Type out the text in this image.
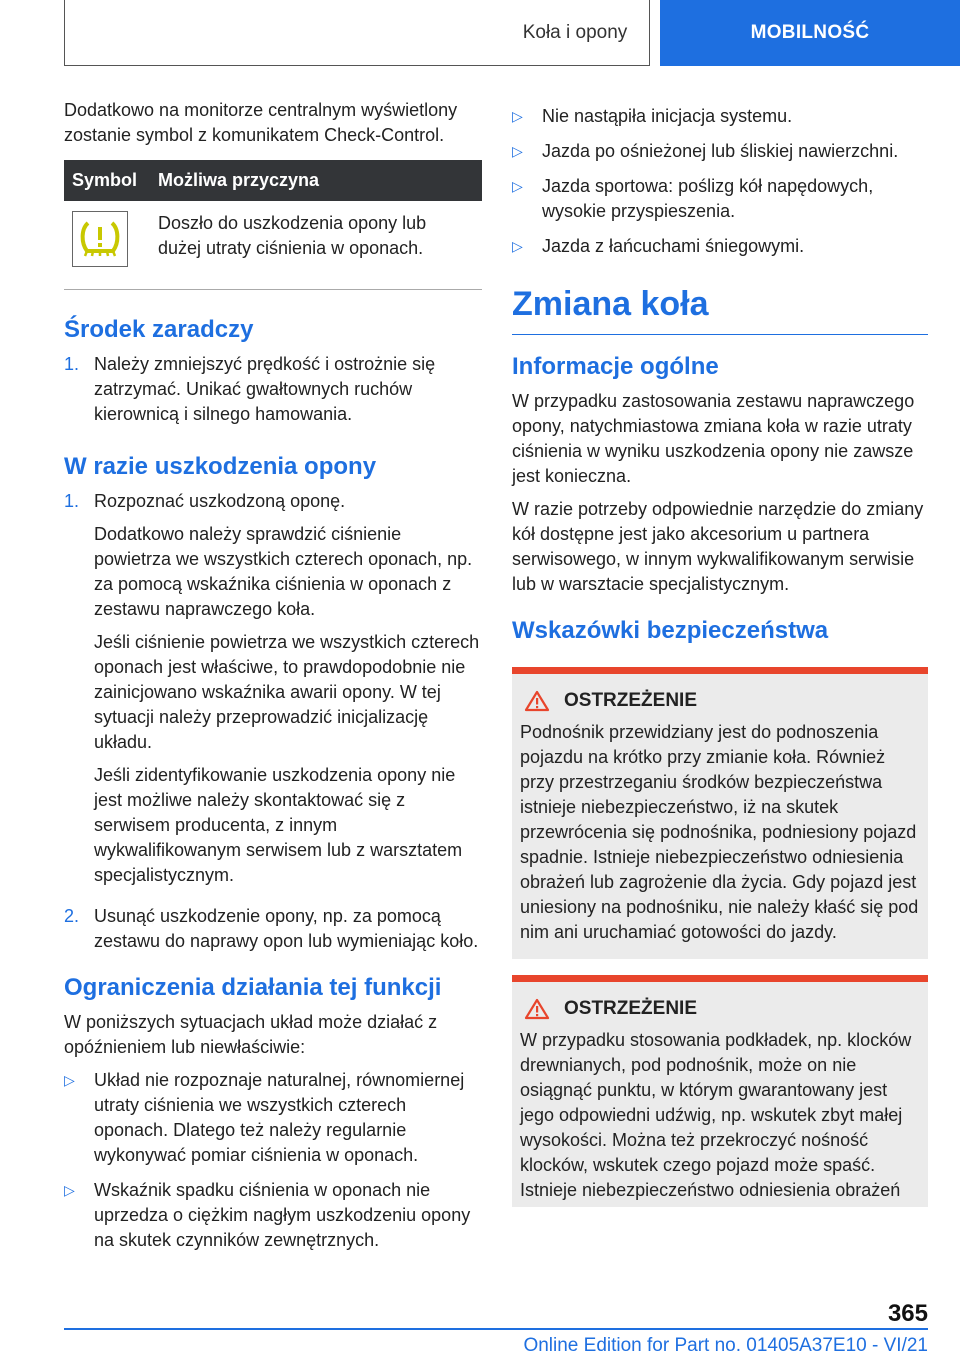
Koła i opony	MOBILNOŚĆ

Dodatkowo na monitorze centralnym wyświetlony zostanie symbol z komunikatem Check-Control.

Symbol	Możliwa przyczyna

	Doszło do uszkodzenia opony lub dużej utraty ciśnienia w oponach.
Środek zaradczy
1. Należy zmniejszyć prędkość i ostrożnie się zatrzymać. Unikać gwałtownych ruchów kierownicą i silnego hamowania.

W razie uszkodzenia opony
1. Rozpoznać uszkodzoną oponę.

Dodatkowo należy sprawdzić ciśnienie powietrza we wszystkich czterech oponach, np. za pomocą wskaźnika ciśnienia w oponach z zestawu naprawczego koła.

Jeśli ciśnienie powietrza we wszystkich czterech oponach jest właściwe, to prawdopodobnie nie zainicjowano wskaźnika awarii opony. W tej sytuacji należy przeprowadzić inicjalizację układu.

Jeśli zidentyfikowanie uszkodzenia opony nie jest możliwe należy skontaktować się z serwisem producenta, z innym wykwalifikowanym serwisem lub z warsztatem specjalistycznym.

2. Usunąć uszkodzenie opony, np. za pomocą zestawu do naprawy opon lub wymieniając koło.

Ograniczenia działania tej funkcji

W poniższych sytuacjach układ może działać z opóźnieniem lub niewłaściwie:

▷	Układ nie rozpoznaje naturalnej, równomiernej utraty ciśnienia we wszystkich czterech oponach. Dlatego też należy regularnie wykonywać pomiar ciśnienia w oponach.
▷	Wskaźnik spadku ciśnienia w oponach nie uprzedza o ciężkim nagłym uszkodzeniu opony na skutek czynników zewnętrznych.
▷	Nie nastąpiła inicjacja systemu.
▷	Jazda po ośnieżonej lub śliskiej nawierzchni.
▷	Jazda sportowa: poślizg kół napędowych, wysokie przyspieszenia.
▷	Jazda z łańcuchami śniegowymi.
Zmiana koła
Informacje ogólne

W przypadku zastosowania zestawu naprawczego opony, natychmiastowa zmiana koła w razie utraty ciśnienia w wyniku uszkodzenia opony nie zawsze jest konieczna.

W razie potrzeby odpowiednie narzędzie do zmiany kół dostępne jest jako akcesorium u partnera serwisowego, w innym wykwalifikowanym serwisie lub w warsztacie specjalistycznym.

Wskazówki bezpieczeństwa
OSTRZEŻENIE

Podnośnik przewidziany jest do podnoszenia pojazdu na krótko przy zmianie koła. Również przy przestrzeganiu środków bezpieczeństwa istnieje niebezpieczeństwo, iż na skutek przewrócenia się podnośnika, podniesiony pojazd spadnie. Istnieje niebezpieczeństwo odniesienia obrażeń lub zagrożenie dla życia. Gdy pojazd jest uniesiony na podnośniku, nie należy kłaść się pod nim ani uruchamiać gotowości do jazdy.

OSTRZEŻENIE

W przypadku stosowania podkładek, np. klocków drewnianych, pod podnośnik, może on nie osiągnąć punktu, w którym gwarantowany jest jego odpowiedni udźwig, np. wskutek zbyt małej wysokości. Można też przekroczyć nośność klocków, wskutek czego pojazd może spaść. Istnieje niebezpieczeństwo odniesienia obrażeń

365
Online Edition for Part no. 01405A37E10 - VI/21
